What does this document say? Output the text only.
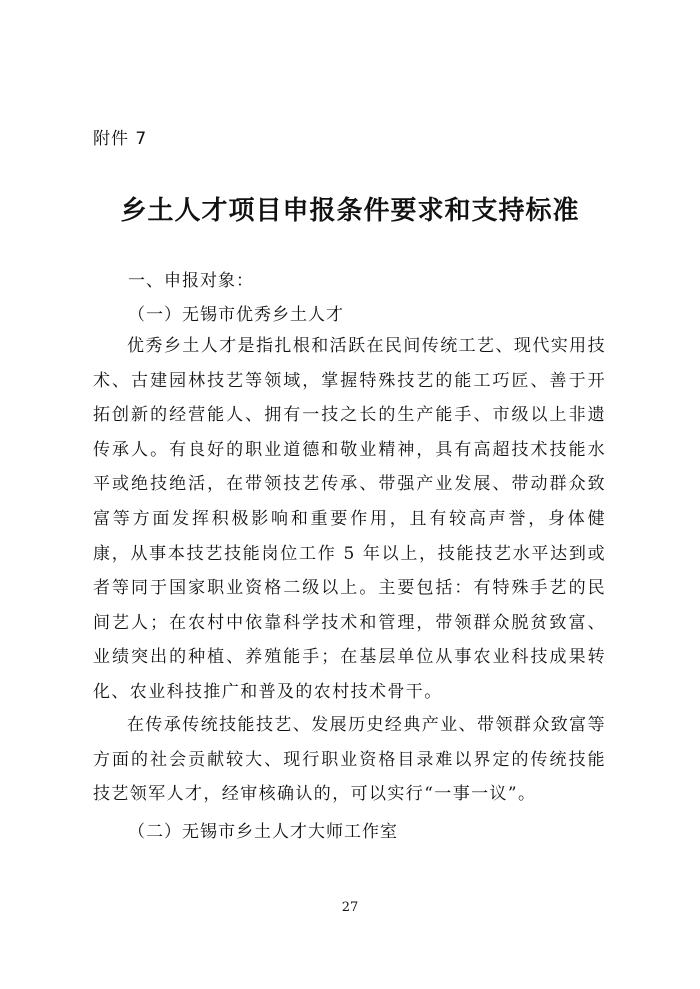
附件 7
乡土人才项目申报条件要求和支持标准
一、申报对象：
（一）无锡市优秀乡土人才

优秀乡土人才是指扎根和活跃在民间传统工艺、现代实用技术、古建园林技艺等领域，掌握特殊技艺的能工巧匠、善于开拓创新的经营能人、拥有一技之长的生产能手、市级以上非遗传承人。有良好的职业道德和敬业精神，具有高超技术技能水平或绝技绝活，在带领技艺传承、带强产业发展、带动群众致富等方面发挥积极影响和重要作用，且有较高声誉，身体健康，从事本技艺技能岗位工作 5 年以上，技能技艺水平达到或者等同于国家职业资格二级以上。主要包括：有特殊手艺的民间艺人；在农村中依靠科学技术和管理，带领群众脱贫致富、业绩突出的种植、养殖能手；在基层单位从事农业科技成果转化、农业科技推广和普及的农村技术骨干。

在传承传统技能技艺、发展历史经典产业、带领群众致富等方面的社会贡献较大、现行职业资格目录难以界定的传统技能技艺领军人才，经审核确认的，可以实行“一事一议”。

（二）无锡市乡土人才大师工作室
27
